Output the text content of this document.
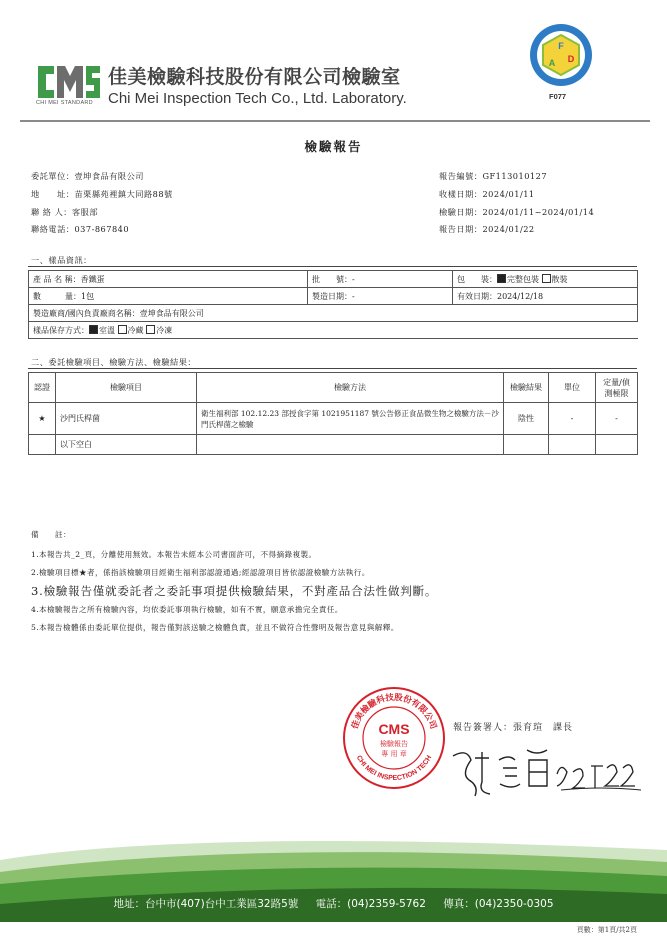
CHI MEI STANDARD
佳美檢驗科技股份有限公司檢驗室
Chi Mei Inspection Tech Co., Ltd. Laboratory.
F
D
A
F077
檢驗報告
委託單位：壹坤食品有限公司
地　　址：苗栗縣苑裡鎮大同路88號
聯 絡 人：客服部
聯絡電話：037-867840
報告編號：GF113010127
收樣日期：2024/01/11
檢驗日期：2024/01/11~2024/01/14
報告日期：2024/01/22
一、樣品資訊：
產 品 名 稱：香鐵蛋	批　　號：-	包　　裝： 完整包裝 散裝
數　　　量：1包	製造日期：-	有效日期：2024/12/18
製造廠商/國內負責廠商名稱：壹坤食品有限公司		
樣品保存方式： 室溫 冷藏 冷凍		
二、委託檢驗項目、檢驗方法、檢驗結果：
認證	檢驗項目	檢驗方法	檢驗結果	單位	定量/偵測極限
★	沙門氏桿菌	衛生福利部 102.12.23 部授食字第 1021951187 號公告修正食品微生物之檢驗方法－沙門氏桿菌之檢驗	陰性	-	-
	以下空白				
備　　註：
1.本報告共_2_頁，分離使用無效。本報告未經本公司書面許可，不得摘錄複製。
2.檢驗項目標★者，係指該檢驗項目經衛生福利部認證通過;經認證項目皆依認證檢驗方法執行。
3.檢驗報告僅就委託者之委託事項提供檢驗結果，不對產品合法性做判斷。
4.本檢驗報告之所有檢驗內容，均依委託事項執行檢驗，如有不實，願意承擔完全責任。
5.本報告檢體係由委託單位提供，報告僅對該送驗之檢體負責，並且不做符合性聲明及報告意見與解釋。
佳美檢驗科技股份有限公司
CHI MEI INSPECTION TECH
CMS
檢驗報告
專 用 章
報告簽署人：張育瑄　課長
地址：台中市(407)台中工業區32路5號 電話：(04)2359-5762 傳真：(04)2350-0305
頁數：第1頁/共2頁
